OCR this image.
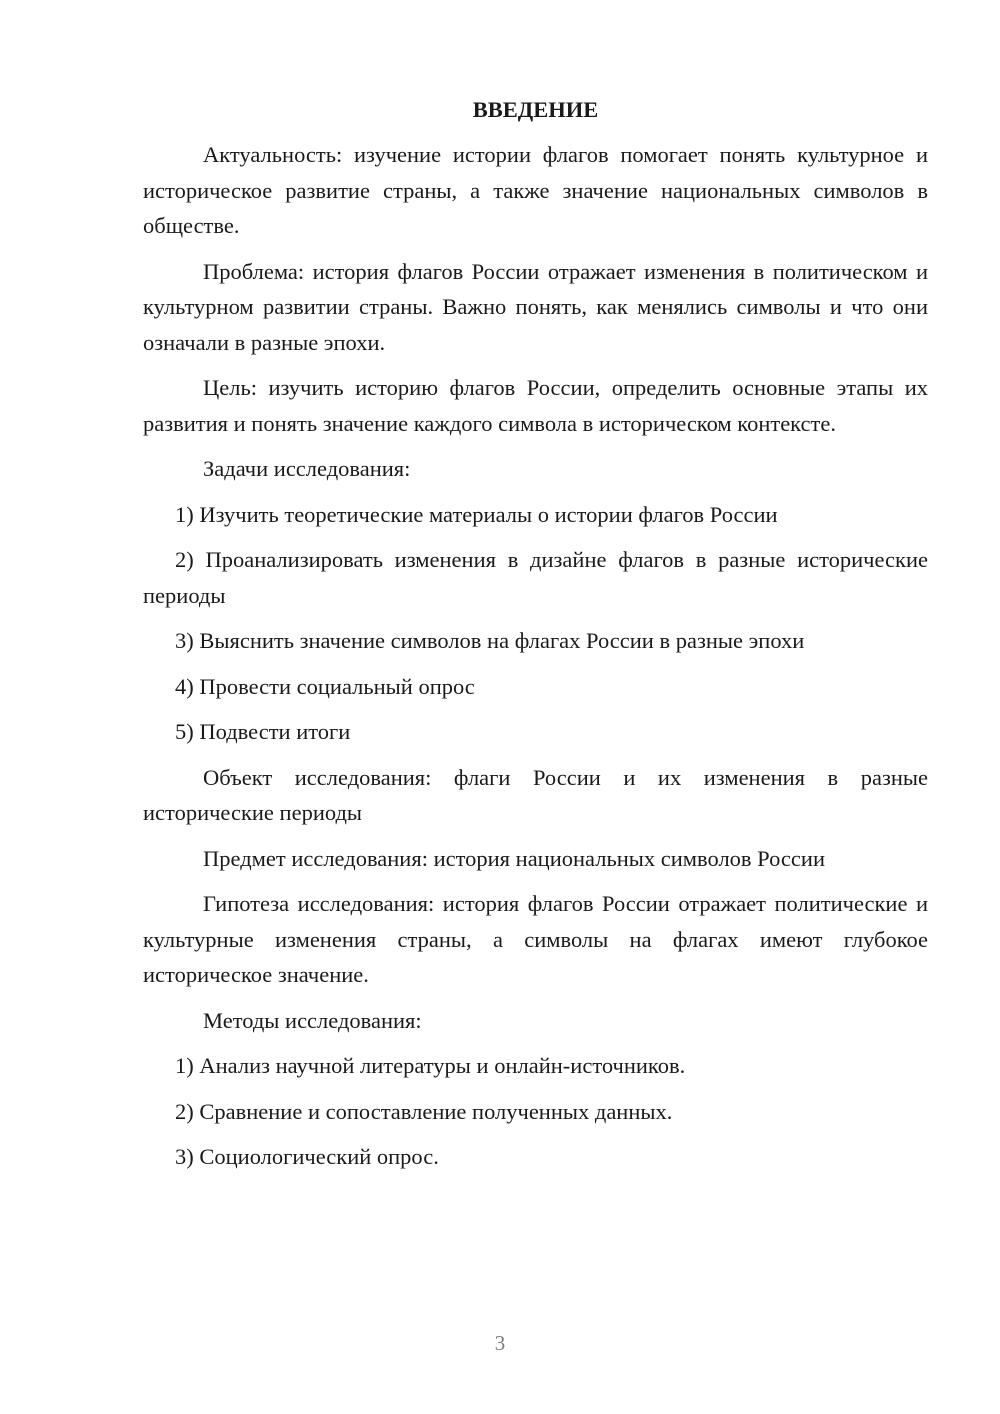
ВВЕДЕНИЕ
Актуальность: изучение истории флагов помогает понять культурное и историческое развитие страны, а также значение национальных символов в обществе.
Проблема: история флагов России отражает изменения в политическом и культурном развитии страны. Важно понять, как менялись символы и что они означали в разные эпохи.
Цель: изучить историю флагов России, определить основные этапы их развития и понять значение каждого символа в историческом контексте.
Задачи исследования:
1) Изучить теоретические материалы о истории флагов России
2) Проанализировать изменения в дизайне флагов в разные исторические периоды
3) Выяснить значение символов на флагах России в разные эпохи
4) Провести социальный опрос
5) Подвести итоги
Объект исследования: флаги России и их изменения в разные исторические периоды
Предмет исследования: история национальных символов России
Гипотеза исследования: история флагов России отражает политические и культурные изменения страны, а символы на флагах имеют глубокое историческое значение.
Методы исследования:
1) Анализ научной литературы и онлайн-источников.
2) Сравнение и сопоставление полученных данных.
3) Социологический опрос.
3
